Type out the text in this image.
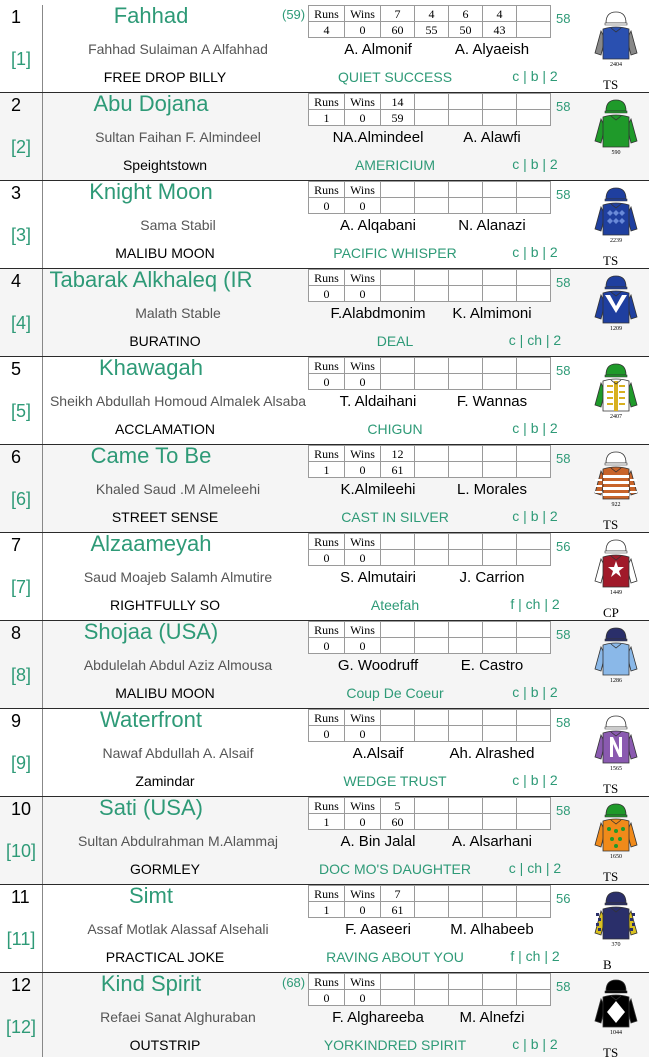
1
[1]
Fahhad	(59)
Fahhad Sulaiman A Alfahhad
FREE DROP BILLY	QUIET SUCCESS	c | b | 2
A. Almonif	A. Alyaeish
58
Runs	Wins	7	4	6	4	
4	0	60	55	50	43	
2404
TS
2
[2]
Abu Dojana
Sultan Faihan F. Almindeel
Speightstown	AMERICIUM	c | b | 2
NA.Almindeel	A. Alawfi
58
Runs	Wins	14				
1	0	59				
590
3
[3]
Knight Moon
Sama Stabil
MALIBU MOON	PACIFIC WHISPER	c | b | 2
A. Alqabani	N. Alanazi
58
Runs	Wins					
0	0					
2239
TS
4
[4]
Tabarak Alkhaleq (IR
Malath Stable
BURATINO	DEAL	c | ch | 2
F.Alabdmonim	K. Almimoni
58
Runs	Wins					
0	0					
1209
5
[5]
Khawagah
Sheikh Abdullah Homoud Almalek Alsaba
ACCLAMATION	CHIGUN	c | b | 2
T. Aldaihani	F. Wannas
58
Runs	Wins					
0	0					
2407
6
[6]
Came To Be
Khaled Saud .M Almeleehi
STREET SENSE	CAST IN SILVER	c | b | 2
K.Almileehi	L. Morales
58
Runs	Wins	12				
1	0	61				
922
TS
7
[7]
Alzaameyah
Saud Moajeb Salamh Almutire
RIGHTFULLY SO	Ateefah	f | ch | 2
S. Almutairi	J. Carrion
56
Runs	Wins					
0	0					
1449
CP
8
[8]
Shojaa (USA)
Abdulelah Abdul Aziz Almousa
MALIBU MOON	Coup De Coeur	c | b | 2
G. Woodruff	E. Castro
58
Runs	Wins					
0	0					
1286
9
[9]
Waterfront
Nawaf Abdullah A. Alsaif
Zamindar	WEDGE TRUST	c | b | 2
A.Alsaif	Ah. Alrashed
58
Runs	Wins					
0	0					
1565
TS
10
[10]
Sati (USA)
Sultan Abdulrahman M.Alammaj
GORMLEY	DOC MO'S DAUGHTER	c | ch | 2
A. Bin Jalal	A. Alsarhani
58
Runs	Wins	5				
1	0	60				
1650
TS
11
[11]
Simt
Assaf Motlak Alassaf Alsehali
PRACTICAL JOKE	RAVING ABOUT YOU	f | ch | 2
F. Aaseeri	M. Alhabeeb
56
Runs	Wins	7				
1	0	61				
370
B
12
[12]
Kind Spirit	(68)
Refaei Sanat Alghuraban
OUTSTRIP	YORKINDRED SPIRIT	c | b | 2
F. Alghareeba	M. Alnefzi
58
Runs	Wins					
0	0					
1044
TS
